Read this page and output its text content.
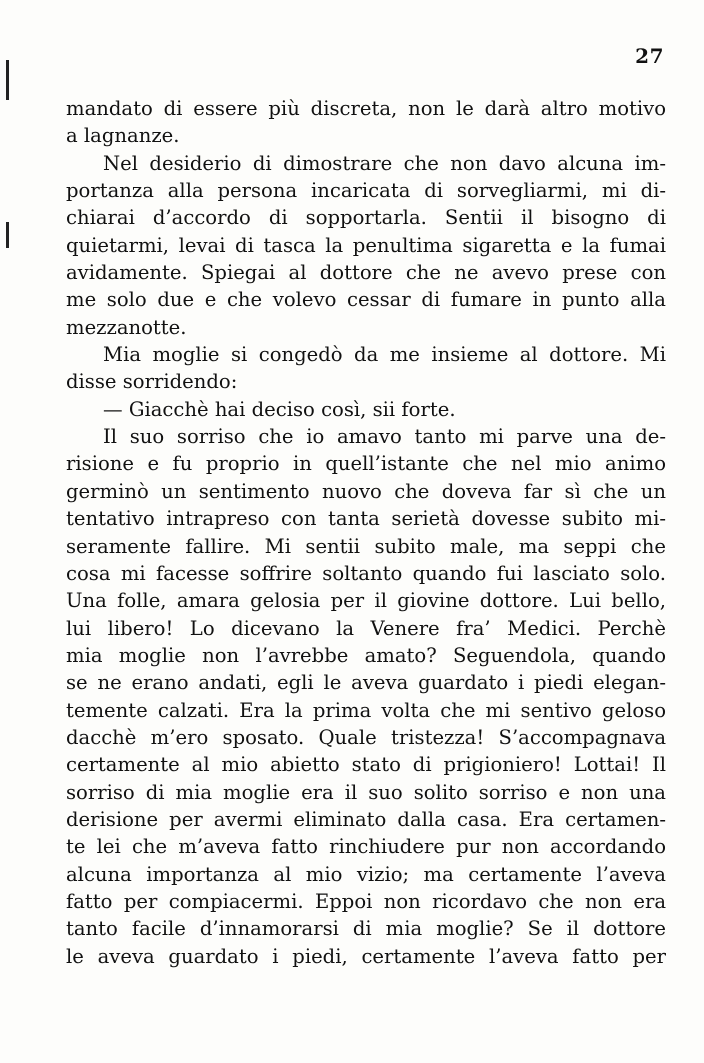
27
mandato di essere più discreta, non le darà altro motivo
a lagnanze.
Nel desiderio di dimostrare che non davo alcuna im-
portanza alla persona incaricata di sorvegliarmi, mi di-
chiarai d’accordo di sopportarla. Sentii il bisogno di
quietarmi, levai di tasca la penultima sigaretta e la fumai
avidamente. Spiegai al dottore che ne avevo prese con
me solo due e che volevo cessar di fumare in punto alla
mezzanotte.
Mia moglie si congedò da me insieme al dottore. Mi
disse sorridendo:
— Giacchè hai deciso così, sii forte.
Il suo sorriso che io amavo tanto mi parve una de-
risione e fu proprio in quell’istante che nel mio animo
germinò un sentimento nuovo che doveva far sì che un
tentativo intrapreso con tanta serietà dovesse subito mi-
seramente fallire. Mi sentii subito male, ma seppi che
cosa mi facesse soffrire soltanto quando fui lasciato solo.
Una folle, amara gelosia per il giovine dottore. Lui bello,
lui libero! Lo dicevano la Venere fra’ Medici. Perchè
mia moglie non l’avrebbe amato? Seguendola, quando
se ne erano andati, egli le aveva guardato i piedi elegan-
temente calzati. Era la prima volta che mi sentivo geloso
dacchè m’ero sposato. Quale tristezza! S’accompagnava
certamente al mio abietto stato di prigioniero! Lottai! Il
sorriso di mia moglie era il suo solito sorriso e non una
derisione per avermi eliminato dalla casa. Era certamen-
te lei che m’aveva fatto rinchiudere pur non accordando
alcuna importanza al mio vizio; ma certamente l’aveva
fatto per compiacermi. Eppoi non ricordavo che non era
tanto facile d’innamorarsi di mia moglie? Se il dottore
le aveva guardato i piedi, certamente l’aveva fatto per
